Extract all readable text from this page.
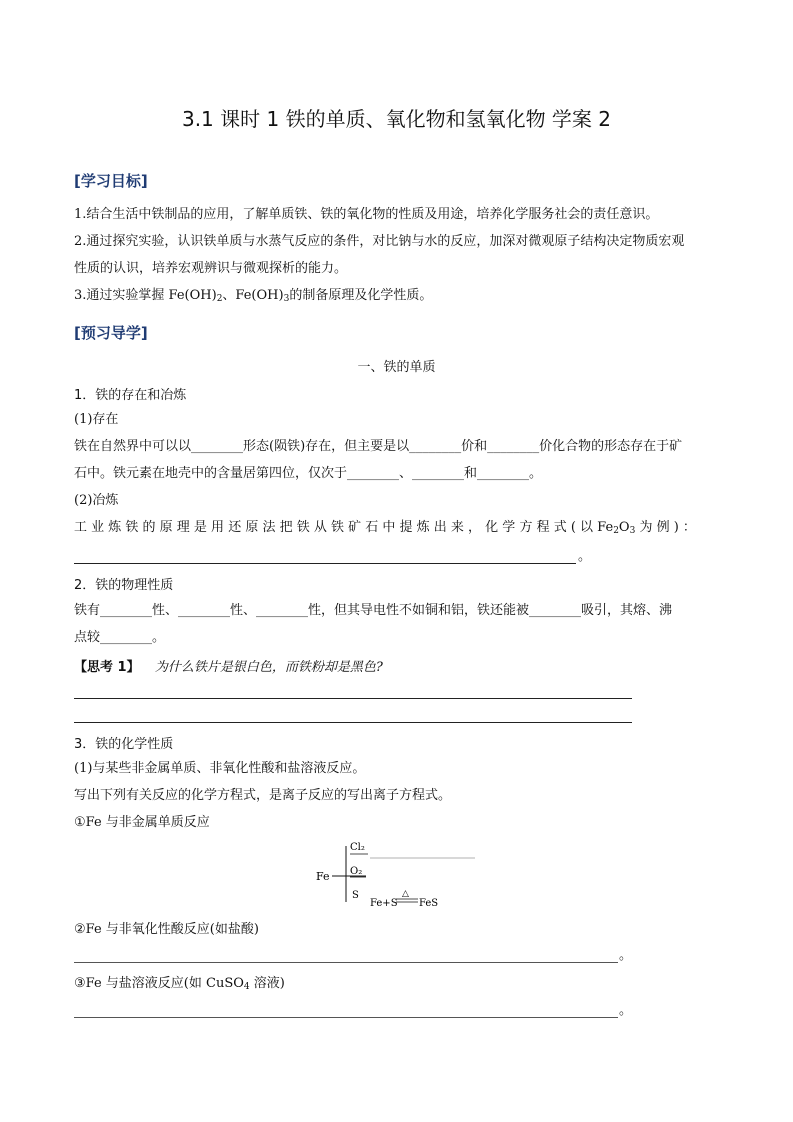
3.1 课时 1 铁的单质、氧化物和氢氧化物 学案 2
[学习目标]
1.结合生活中铁制品的应用，了解单质铁、铁的氧化物的性质及用途，培养化学服务社会的责任意识。
2.通过探究实验，认识铁单质与水蒸气反应的条件，对比钠与水的反应，加深对微观原子结构决定物质宏观
性质的认识，培养宏观辨识与微观探析的能力。
3.通过实验掌握 $Fe(OH)_2$、$Fe(OH)_3$的制备原理及化学性质。
[预习导学]
一、铁的单质
1．铁的存在和冶炼
(1)存在
铁在自然界中可以以________形态(陨铁)存在，但主要是以________价和________价化合物的形态存在于矿
石中。铁元素在地壳中的含量居第四位，仅次于________、________和________。
(2)冶炼
工 业 炼 铁 的 原 理 是 用 还 原 法 把 铁 从 铁 矿 石 中 提 炼 出 来 ， 化 学 方 程 式 ( 以 $Fe_2O_3$ 为 例 ) ：
。
2．铁的物理性质
铁有________性、________性、________性，但其导电性不如铜和铝，铁还能被________吸引，其熔、沸
点较________。
【思考 1】 为什么铁片是银白色，而铁粉却是黑色?
3．铁的化学性质
(1)与某些非金属单质、非氧化性酸和盐溶液反应。
写出下列有关反应的化学方程式，是离子反应的写出离子方程式。
①Fe 与非金属单质反应
Fe
Cl₂
O₂
S
Fe+S
△
FeS
②Fe 与非氧化性酸反应(如盐酸)
。
③Fe 与盐溶液反应(如 CuSO$_4$ 溶液)
。
